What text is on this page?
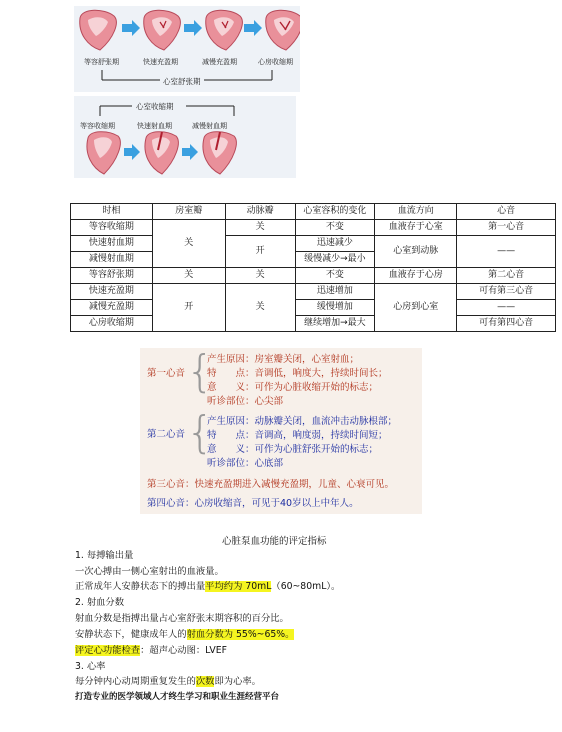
等容舒张期	快速充盈期	减慢充盈期	心房收缩期
心室舒张期
心室收缩期
等容收缩期	快速射血期	减慢射血期
时相	房室瓣	动脉瓣	心室容积的变化	血流方向	心音
等容收缩期	关	关	不变	血液存于心室	第一心音
快速射血期		开	迅速减少	心室到动脉	——
减慢射血期			缓慢减少→最小		
等容舒张期	关	关	不变	血液存于心房	第二心音
快速充盈期	开	关	迅速增加	心房到心室	可有第三心音
减慢充盈期			缓慢增加		——
心房收缩期			继续增加→最大		可有第四心音
第一心音 {
产生原因：房室瓣关闭，心室射血；
特　　点：音调低，响度大，持续时间长；
意　　义：可作为心脏收缩开始的标志；
听诊部位：心尖部
第二心音 {
产生原因：动脉瓣关闭，血流冲击动脉根部；
特　　点：音调高，响度弱，持续时间短；
意　　义：可作为心脏舒张开始的标志；
听诊部位：心底部
第三心音：快速充盈期进入减慢充盈期，儿童、心衰可见。
第四心音：心房收缩音，可见于40岁以上中年人。
心脏泵血功能的评定指标
1. 每搏输出量
一次心搏由一侧心室射出的血液量。
正常成年人安静状态下的搏出量平均约为 70mL（60~80mL）。
2. 射血分数
射血分数是指搏出量占心室舒张末期容积的百分比。
安静状态下，健康成年人的射血分数为 55%~65%。
评定心功能检查：超声心动图：LVEF
3. 心率
每分钟内心动周期重复发生的次数即为心率。
打造专业的医学领域人才终生学习和职业生涯经营平台
